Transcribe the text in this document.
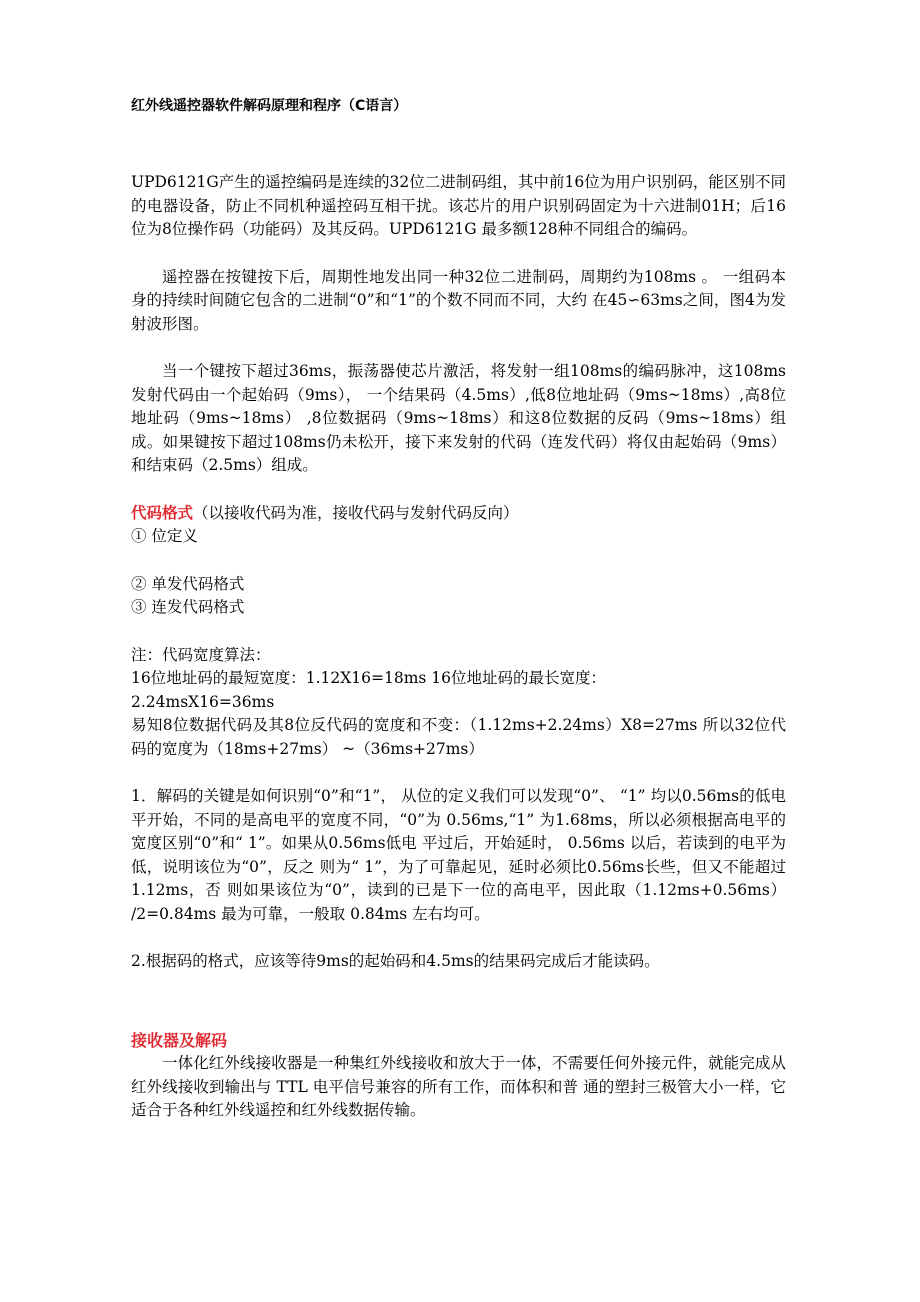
红外线遥控器软件解码原理和程序（C语言）

UPD6121G产生的遥控编码是连续的32位二进制码组，其中前16位为用户识别码，能区别不同的电器设备，防止不同机种遥控码互相干扰。该芯片的用户识别码固定为十六进制01H；后16位为8位操作码（功能码）及其反码。UPD6121G 最多额128种不同组合的编码。

遥控器在按键按下后，周期性地发出同一种32位二进制码，周期约为108ms 。 一组码本身的持续时间随它包含的二进制“0”和“1”的个数不同而不同，大约 在45∽63ms之间，图4为发射波形图。

当一个键按下超过36ms，振荡器使芯片激活，将发射一组108ms的编码脉冲，这108ms发射代码由一个起始码（9ms）， 一个结果码（4.5ms）,低8位地址码（9ms~18ms）,高8位地址码（9ms~18ms） ,8位数据码（9ms~18ms）和这8位数据的反码（9ms~18ms）组成。如果键按下超过108ms仍未松开，接下来发射的代码（连发代码）将仅由起始码（9ms）和结束码（2.5ms）组成。

代码格式（以接收代码为准，接收代码与发射代码反向）
① 位定义
② 单发代码格式
③ 连发代码格式
注：代码宽度算法：
16位地址码的最短宽度：1.12X16=18ms 16位地址码的最长宽度：
2.24msX16=36ms

易知8位数据代码及其8位反代码的宽度和不变：（1.12ms+2.24ms）X8=27ms 所以32位代码的宽度为（18ms+27ms） ~（36ms+27ms）

1．解码的关键是如何识别“0”和“1”， 从位的定义我们可以发现“0”、 “1” 均以0.56ms的低电平开始，不同的是高电平的宽度不同，“0”为 0.56ms,“1” 为1.68ms，所以必须根据高电平的宽度区别“0”和“ 1”。如果从0.56ms低电 平过后，开始延时， 0.56ms 以后，若读到的电平为低，说明该位为“0”，反之 则为“ 1”，为了可靠起见，延时必须比0.56ms长些，但又不能超过1.12ms，否 则如果该位为“0”，读到的已是下一位的高电平，因此取（1.12ms+0.56ms） /2=0.84ms 最为可靠，一般取 0.84ms 左右均可。

2.根据码的格式，应该等待9ms的起始码和4.5ms的结果码完成后才能读码。

接收器及解码

一体化红外线接收器是一种集红外线接收和放大于一体，不需要任何外接元件，就能完成从红外线接收到输出与 TTL 电平信号兼容的所有工作，而体积和普 通的塑封三极管大小一样，它适合于各种红外线遥控和红外线数据传输。
